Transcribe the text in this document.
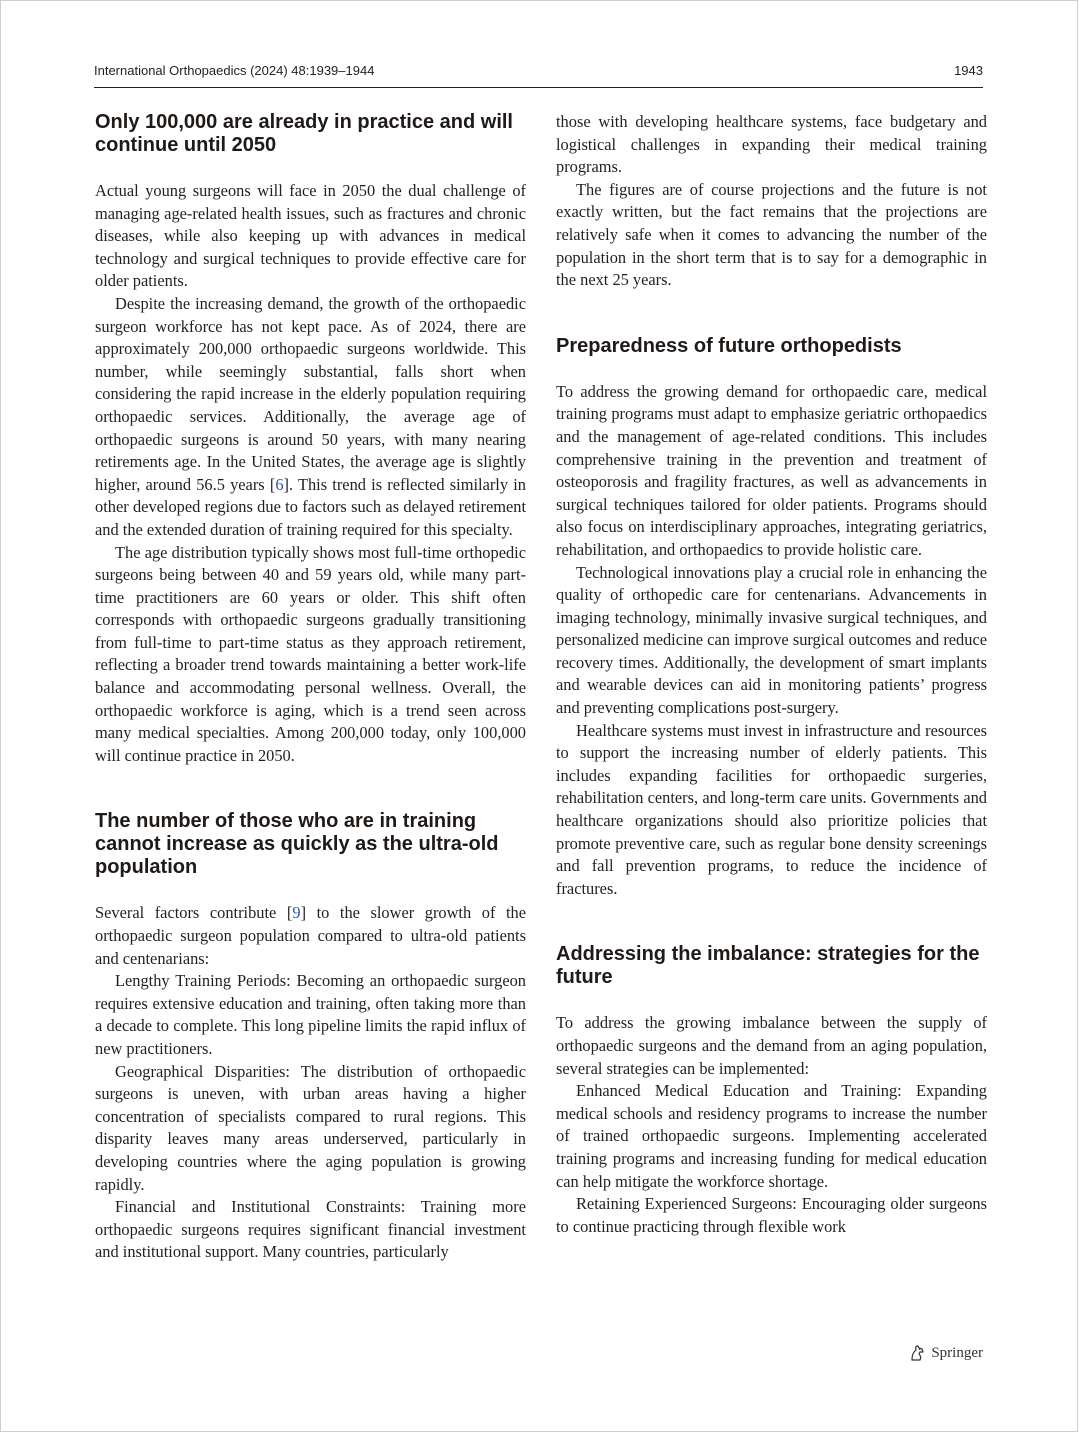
International Orthopaedics (2024) 48:1939–1944	1943
Only 100,000 are already in practice and will continue until 2050

Actual young surgeons will face in 2050 the dual challenge of managing age-related health issues, such as fractures and chronic diseases, while also keeping up with advances in medical technology and surgical techniques to provide effective care for older patients.

Despite the increasing demand, the growth of the orthopaedic surgeon workforce has not kept pace. As of 2024, there are approximately 200,000 orthopaedic surgeons worldwide. This number, while seemingly substantial, falls short when considering the rapid increase in the elderly population requiring orthopaedic services. Additionally, the average age of orthopaedic surgeons is around 50 years, with many nearing retirements age. In the United States, the average age is slightly higher, around 56.5 years [6]. This trend is reflected similarly in other developed regions due to factors such as delayed retirement and the extended duration of training required for this specialty.

The age distribution typically shows most full-time orthopedic surgeons being between 40 and 59 years old, while many part-time practitioners are 60 years or older. This shift often corresponds with orthopaedic surgeons gradually transitioning from full-time to part-time status as they approach retirement, reflecting a broader trend towards maintaining a better work-life balance and accommodating personal wellness. Overall, the orthopaedic workforce is aging, which is a trend seen across many medical specialties. Among 200,000 today, only 100,000 will continue practice in 2050.

The number of those who are in training cannot increase as quickly as the ultra-old population

Several factors contribute [9] to the slower growth of the orthopaedic surgeon population compared to ultra-old patients and centenarians:

Lengthy Training Periods: Becoming an orthopaedic surgeon requires extensive education and training, often taking more than a decade to complete. This long pipeline limits the rapid influx of new practitioners.

Geographical Disparities: The distribution of orthopaedic surgeons is uneven, with urban areas having a higher concentration of specialists compared to rural regions. This disparity leaves many areas underserved, particularly in developing countries where the aging population is growing rapidly.

Financial and Institutional Constraints: Training more orthopaedic surgeons requires significant financial investment and institutional support. Many countries, particularly

those with developing healthcare systems, face budgetary and logistical challenges in expanding their medical training programs.

The figures are of course projections and the future is not exactly written, but the fact remains that the projections are relatively safe when it comes to advancing the number of the population in the short term that is to say for a demographic in the next 25 years.

Preparedness of future orthopedists

To address the growing demand for orthopaedic care, medical training programs must adapt to emphasize geriatric orthopaedics and the management of age-related conditions. This includes comprehensive training in the prevention and treatment of osteoporosis and fragility fractures, as well as advancements in surgical techniques tailored for older patients. Programs should also focus on interdisciplinary approaches, integrating geriatrics, rehabilitation, and orthopaedics to provide holistic care.

Technological innovations play a crucial role in enhancing the quality of orthopedic care for centenarians. Advancements in imaging technology, minimally invasive surgical techniques, and personalized medicine can improve surgical outcomes and reduce recovery times. Additionally, the development of smart implants and wearable devices can aid in monitoring patients’ progress and preventing complications post-surgery.

Healthcare systems must invest in infrastructure and resources to support the increasing number of elderly patients. This includes expanding facilities for orthopaedic surgeries, rehabilitation centers, and long-term care units. Governments and healthcare organizations should also prioritize policies that promote preventive care, such as regular bone density screenings and fall prevention programs, to reduce the incidence of fractures.

Addressing the imbalance: strategies for the future

To address the growing imbalance between the supply of orthopaedic surgeons and the demand from an aging population, several strategies can be implemented:

Enhanced Medical Education and Training: Expanding medical schools and residency programs to increase the number of trained orthopaedic surgeons. Implementing accelerated training programs and increasing funding for medical education can help mitigate the workforce shortage.

Retaining Experienced Surgeons: Encouraging older surgeons to continue practicing through flexible work

Springer
